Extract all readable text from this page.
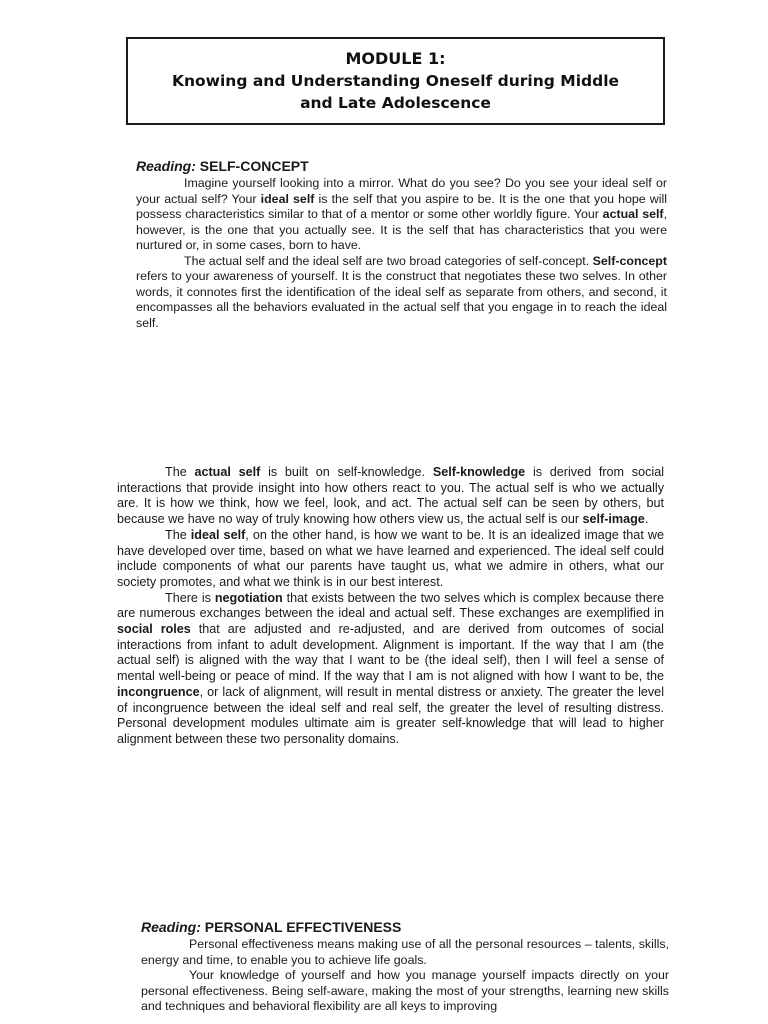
MODULE 1:
Knowing and Understanding Oneself during Middle
and Late Adolescence
Reading: SELF-CONCEPT

Imagine yourself looking into a mirror. What do you see? Do you see your ideal self or your actual self? Your ideal self is the self that you aspire to be. It is the one that you hope will possess characteristics similar to that of a mentor or some other worldly figure. Your actual self, however, is the one that you actually see. It is the self that has characteristics that you were nurtured or, in some cases, born to have.

The actual self and the ideal self are two broad categories of self-concept. Self-concept refers to your awareness of yourself. It is the construct that negotiates these two selves. In other words, it connotes first the identification of the ideal self as separate from others, and second, it encompasses all the behaviors evaluated in the actual self that you engage in to reach the ideal self.

The actual self is built on self-knowledge. Self-knowledge is derived from social interactions that provide insight into how others react to you. The actual self is who we actually are. It is how we think, how we feel, look, and act. The actual self can be seen by others, but because we have no way of truly knowing how others view us, the actual self is our self-image.

The ideal self, on the other hand, is how we want to be. It is an idealized image that we have developed over time, based on what we have learned and experienced. The ideal self could include components of what our parents have taught us, what we admire in others, what our society promotes, and what we think is in our best interest.

There is negotiation that exists between the two selves which is complex because there are numerous exchanges between the ideal and actual self. These exchanges are exemplified in social roles that are adjusted and re-adjusted, and are derived from outcomes of social interactions from infant to adult development. Alignment is important. If the way that I am (the actual self) is aligned with the way that I want to be (the ideal self), then I will feel a sense of mental well-being or peace of mind. If the way that I am is not aligned with how I want to be, the incongruence, or lack of alignment, will result in mental distress or anxiety. The greater the level of incongruence between the ideal self and real self, the greater the level of resulting distress. Personal development modules ultimate aim is greater self-knowledge that will lead to higher alignment between these two personality domains.

Reading: PERSONAL EFFECTIVENESS

Personal effectiveness means making use of all the personal resources – talents, skills, energy and time, to enable you to achieve life goals.

Your knowledge of yourself and how you manage yourself impacts directly on your personal effectiveness. Being self-aware, making the most of your strengths, learning new skills and techniques and behavioral flexibility are all keys to improving
